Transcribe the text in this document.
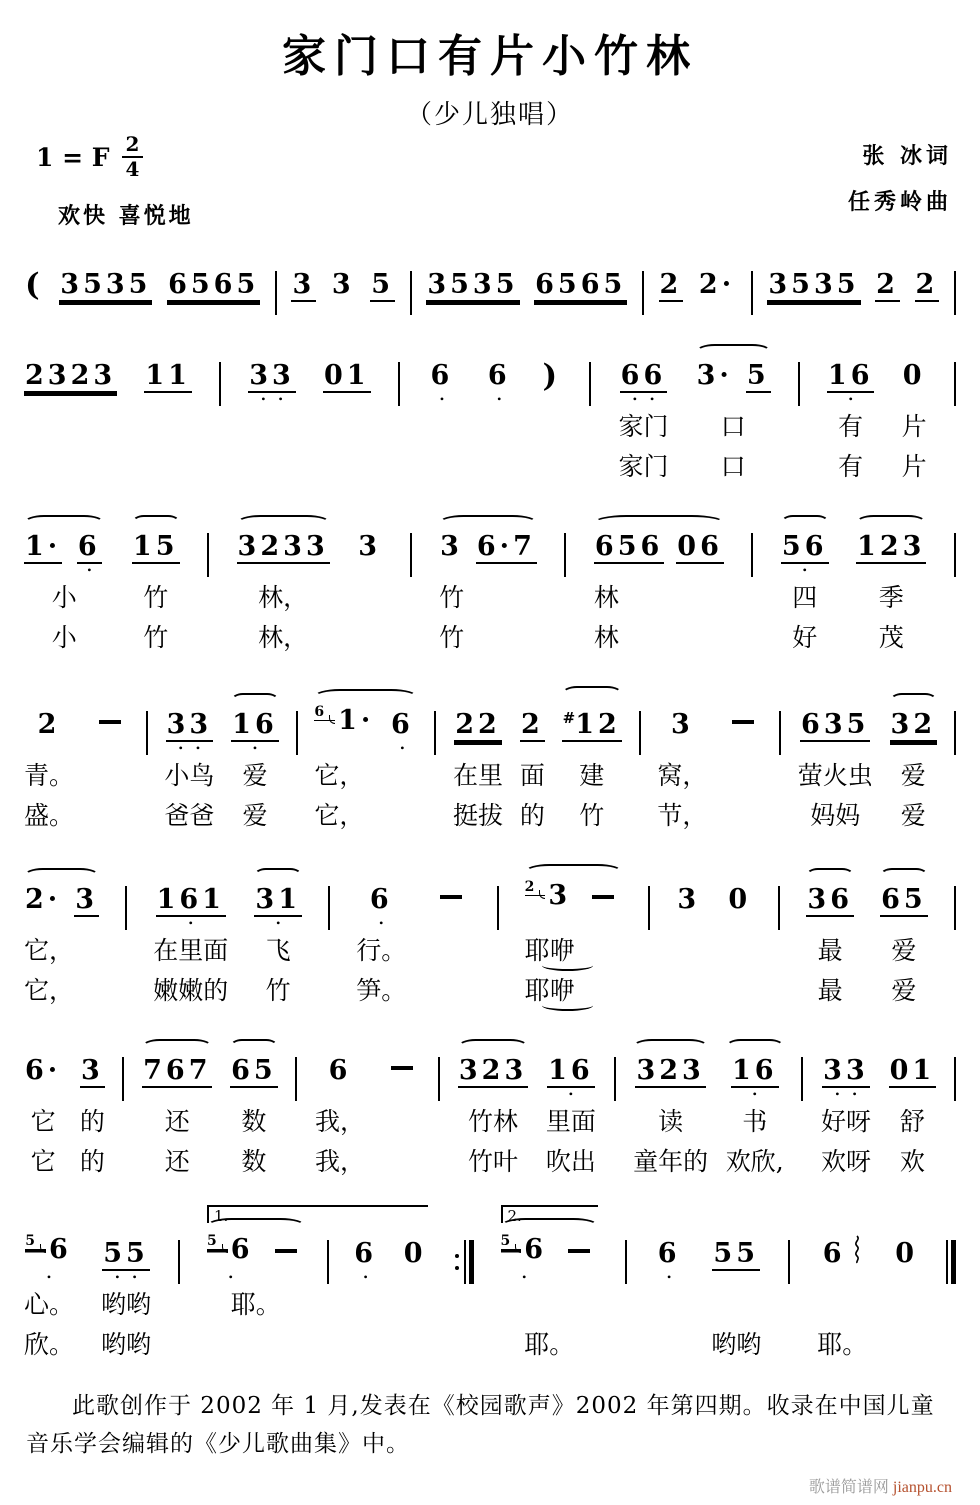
家门口有片小竹林
（少儿独唱）
1 = F $\frac{2}{4}$
欢快 喜悦地
张 冰词
任秀岭曲
( 3535 6565 3 3 5 3535 6565 2 2· 3535 2 2
2323 11 33
••
01 6
•
6
•
) 66
••
家门
家门
3· 5
口
口
16
•
有
有
0
片
片
1· 6
•
小
小
15
竹
竹
3233
林，
林，
3 3 6·7
竹
竹
656 06
林
林
56
•
四
好
123
季
茂
2
青。
盛。
33
••
小鸟
爸爸
16
•
爱
爱
$^6$ 1· 6
•
它，
它，
22
在里
挺拔
2
面
的
#12
建
竹
3
窝，
节，
635
萤火虫
妈妈
32
爱
爱
2· 3
它，
它，
161
•
在里面
嫩嫩的
31
•
飞
竹
6
•
行。
笋。
$^2$ 3
耶咿
耶咿
3 0 36
最
最
65
爱
爱
6·
它
它
3
的
的
767
还
还
65
数
数
6
我，
我，
323
竹林
竹叶
16
•
里面
吹出
323
读
童年的
16
•
书
欢欣,
33
••
好呀
欢呀
01
舒
欢
$^5$ 6
•
心。
欣。
55
••
哟哟
哟哟
1.
$^5$ 6
•
耶。
6
•
0
2.
$^5$ 6
•
耶。
6
•
55
哟哟
6
耶。
0
此歌创作于 2002 年 1 月,发表在《校园歌声》2002 年第四期。收录在中国儿童音乐学会编辑的《少儿歌曲集》中。
歌谱简谱网 jianpu.cn
